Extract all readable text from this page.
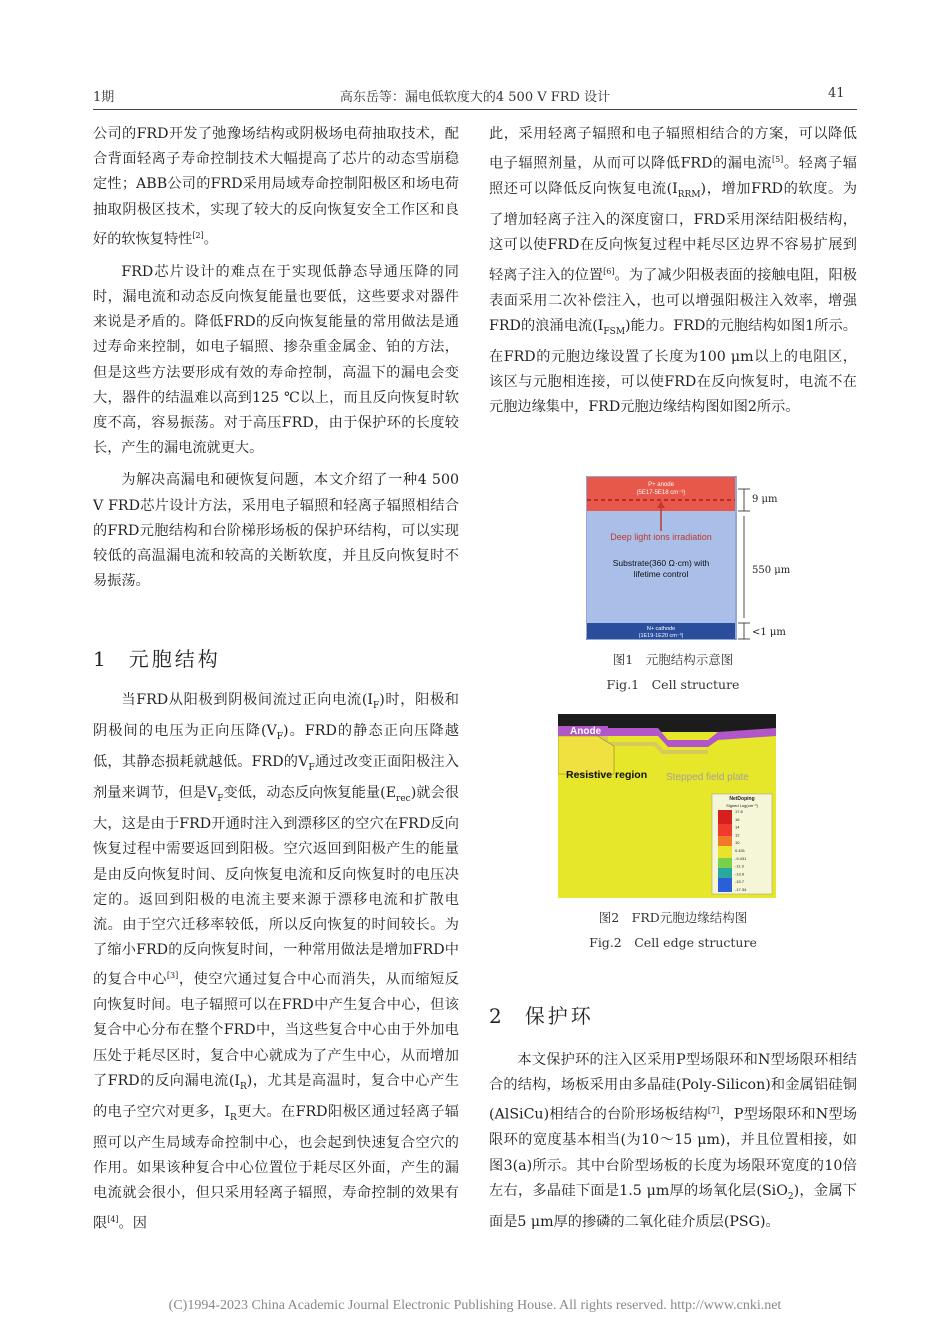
1期	高东岳等：漏电低软度大的4 500 V FRD 设计	41

公司的FRD开发了弛豫场结构或阴极场电荷抽取技术，配合背面轻离子寿命控制技术大幅提高了芯片的动态雪崩稳定性；ABB公司的FRD采用局域寿命控制阳极区和场电荷抽取阴极区技术，实现了较大的反向恢复安全工作区和良好的软恢复特性[2]。

FRD芯片设计的难点在于实现低静态导通压降的同时，漏电流和动态反向恢复能量也要低，这些要求对器件来说是矛盾的。降低FRD的反向恢复能量的常用做法是通过寿命来控制，如电子辐照、掺杂重金属金、铂的方法，但是这些方法要形成有效的寿命控制，高温下的漏电会变大，器件的结温难以高到125 ℃以上，而且反向恢复时软度不高，容易振荡。对于高压FRD，由于保护环的长度较长，产生的漏电流就更大。

为解决高漏电和硬恢复问题，本文介绍了一种4 500 V FRD芯片设计方法，采用电子辐照和轻离子辐照相结合的FRD元胞结构和台阶梯形场板的保护环结构，可以实现较低的高温漏电流和较高的关断软度，并且反向恢复时不易振荡。

1 元胞结构

当FRD从阳极到阴极间流过正向电流$(I_F)$时，阳极和阴极间的电压为正向压降$(V_F)$。FRD的静态正向压降越低，其静态损耗就越低。FRD的$V_F$通过改变正面阳极注入剂量来调节，但是$V_F$变低，动态反向恢复能量$(E_{rec})$就会很大，这是由于FRD开通时注入到漂移区的空穴在FRD反向恢复过程中需要返回到阳极。空穴返回到阳极产生的能量是由反向恢复时间、反向恢复电流和反向恢复时的电压决定的。返回到阳极的电流主要来源于漂移电流和扩散电流。由于空穴迁移率较低，所以反向恢复的时间较长。为了缩小FRD的反向恢复时间，一种常用做法是增加FRD中的复合中心[3]，使空穴通过复合中心而消失，从而缩短反向恢复时间。电子辐照可以在FRD中产生复合中心，但该复合中心分布在整个FRD中，当这些复合中心由于外加电压处于耗尽区时，复合中心就成为了产生中心，从而增加了FRD的反向漏电流$(I_R)$，尤其是高温时，复合中心产生的电子空穴对更多，$I_R$更大。在FRD阳极区通过轻离子辐照可以产生局域寿命控制中心，也会起到快速复合空穴的作用。如果该种复合中心位置位于耗尽区外面，产生的漏电流就会很小，但只采用轻离子辐照，寿命控制的效果有限[4]。因

此，采用轻离子辐照和电子辐照相结合的方案，可以降低电子辐照剂量，从而可以降低FRD的漏电流[5]。轻离子辐照还可以降低反向恢复电流$(I_{RRM})$，增加FRD的软度。为了增加轻离子注入的深度窗口，FRD采用深结阳极结构，这可以使FRD在反向恢复过程中耗尽区边界不容易扩展到轻离子注入的位置[6]。为了减少阳极表面的接触电阻，阳极表面采用二次补偿注入，也可以增强阳极注入效率，增强FRD的浪涌电流$(I_{FSM})$能力。FRD的元胞结构如图1所示。在FRD的元胞边缘设置了长度为100 μm以上的电阻区，该区与元胞相连接，可以使FRD在反向恢复时，电流不在元胞边缘集中，FRD元胞边缘结构图如图2所示。

P+ anode
(5E17-5E18 cm⁻³)
Deep light ions irradiation
Substrate(360 Ω·cm) with
lifetime control
N+ cathode
(1E19-1E20 cm⁻³)
9 μm
550 μm
<1 μm
图1　元胞结构示意图
Fig.1　Cell structure
Anode
Resistive region Stepped field plate
NetDoping
Signed Log(cm⁻³)
17.8
16
14
12
10
0.431
-9.431
-11.9
-13.9
-15.7
-17.34
图2　FRD元胞边缘结构图
Fig.2　Cell edge structure
2 保护环

本文保护环的注入区采用P型场限环和N型场限环相结合的结构，场板采用由多晶硅(Poly-Silicon)和金属铝硅铜(AlSiCu)相结合的台阶形场板结构[7]，P型场限环和N型场限环的宽度基本相当(为10～15 μm)，并且位置相接，如图3(a)所示。其中台阶型场板的长度为场限环宽度的10倍左右，多晶硅下面是1.5 μm厚的场氧化层(SiO$_2$)，金属下面是5 μm厚的掺磷的二氧化硅介质层(PSG)。

(C)1994-2023 China Academic Journal Electronic Publishing House. All rights reserved. http://www.cnki.net
